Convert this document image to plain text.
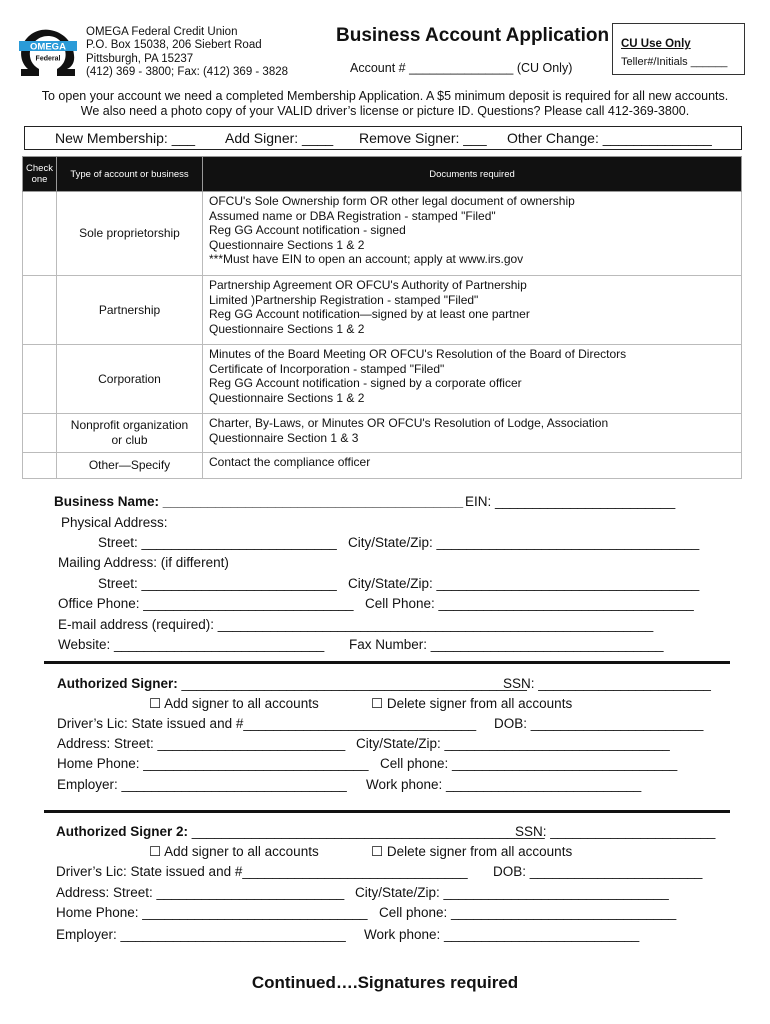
OMEGA
Federal
OMEGA Federal Credit Union
P.O. Box 15038, 206 Siebert Road
Pittsburgh, PA 15237
(412) 369 - 3800; Fax: (412) 369 - 3828
Business Account Application
Account # _______________ (CU Only)
CU Use Only
Teller#/Initials ______
To open your account we need a completed Membership Application. A $5 minimum deposit is required for all new accounts.
We also need a photo copy of your VALID driver’s license or picture ID. Questions? Please call 412-369-3800.
New Membership: ___ Add Signer: ____ Remove Signer: ___ Other Change: ______________
Check one	Type of account or business	Documents required
	Sole proprietorship	OFCU's Sole Ownership form OR other legal document of ownership
Assumed name or DBA Registration - stamped "Filed"
Reg GG Account notification - signed
Questionnaire Sections 1 & 2
***Must have EIN to open an account; apply at www.irs.gov

	Partnership	Partnership Agreement OR OFCU's Authority of Partnership
Limited )Partnership Registration - stamped "Filed"
Reg GG Account notification—signed by at least one partner
Questionnaire Sections 1 & 2

	Corporation	Minutes of the Board Meeting OR OFCU's Resolution of the Board of Directors
Certificate of Incorporation - stamped "Filed"
Reg GG Account notification - signed by a corporate officer
Questionnaire Sections 1 & 2

	Nonprofit organization or club	Charter, By-Laws, or Minutes OR OFCU's Resolution of Lodge, Association
Questionnaire Section 1 & 3

	Other—Specify	Contact the compliance officer
Business Name: ________________________________________ EIN: ________________________
Physical Address:
Street: __________________________ City/State/Zip: ___________________________________
Mailing Address: (if different)
Street: __________________________ City/State/Zip: ___________________________________
Office Phone: ____________________________ Cell Phone: __________________________________
E-mail address (required): __________________________________________________________
Website: ____________________________ Fax Number: _______________________________
Authorized Signer: ______________________________________________
SSN: _______________________
☐ Add signer to all accounts	☐ Delete signer from all accounts
Driver’s Lic: State issued and #_______________________________ DOB: _______________________
Address: Street: _________________________ City/State/Zip: ______________________________
Home Phone: ______________________________ Cell phone: ______________________________
Employer: ______________________________ Work phone: __________________________
Authorized Signer 2: _______________________________________________
SSN: ______________________
☐ Add signer to all accounts	☐ Delete signer from all accounts
Driver’s Lic: State issued and #______________________________ DOB: _______________________
Address: Street: _________________________ City/State/Zip: ______________________________
Home Phone: ______________________________ Cell phone: ______________________________
Employer: ______________________________ Work phone: __________________________
Continued….Signatures required
